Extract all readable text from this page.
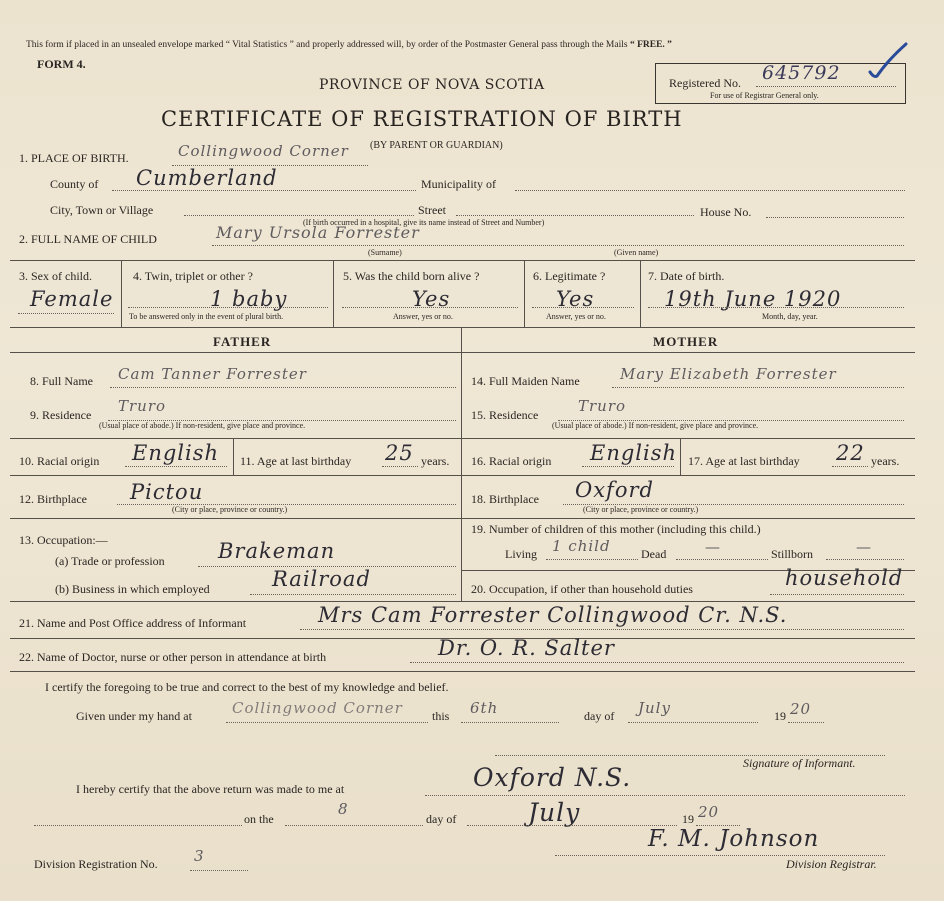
This form if placed in an unsealed envelope marked “ Vital Statistics ” and properly addressed will, by order of the Postmaster General pass through the Mails “ FREE. ”
FORM 4.
PROVINCE OF NOVA SCOTIA
CERTIFICATE OF REGISTRATION OF BIRTH
Registered No. 645792
For use of Registrar General only.
1. PLACE OF BIRTH.	Collingwood Corner (BY PARENT OR GUARDIAN)
County of Cumberland	Municipality of
City, Town or Village	Street	House No.
(If birth occurred in a hospital, give its name instead of Street and Number)
2. FULL NAME OF CHILD	Mary Ursola Forrester
(Surname)	(Given name)
3. Sex of child.
Female
4. Twin, triplet or other ?
1 baby
To be answered only in the event of plural birth.
5. Was the child born alive ?
Yes
Answer, yes or no.
6. Legitimate ?
Yes
Answer, yes or no.
7. Date of birth.
19th June 1920
Month, day, year.
FATHER	MOTHER
8. Full Name Cam Tanner Forrester
9. Residence Truro
(Usual place of abode.) If non-resident, give place and province.
10. Racial origin English 11. Age at last birthday 25 years.
12. Birthplace Pictou
(City or place, province or country.)
13. Occupation:—
(a) Trade or profession	Brakeman
(b) Business in which employed	Railroad
14. Full Maiden Name	Mary Elizabeth Forrester
15. Residence	Truro
(Usual place of abode.) If non-resident, give place and province.
16. Racial origin English 17. Age at last birthday 22 years.
18. Birthplace Oxford
(City or place, province or country.)
19. Number of children of this mother (including this child.)
Living 1 child	Dead	—	Stillborn	—
20. Occupation, if other than household duties	household
21. Name and Post Office address of Informant	Mrs Cam Forrester Collingwood Cr. N.S.
22. Name of Doctor, nurse or other person in attendance at birth	Dr. O. R. Salter
I certify the foregoing to be true and correct to the best of my knowledge and belief.
Given under my hand at	Collingwood Corner this 6th	day of July	19 20
Signature of Informant.
I hereby certify that the above return was made to me at	Oxford N.S.
on the
8
day of	July	19 20
Division Registration No. 3
F. M. Johnson
Division Registrar.
